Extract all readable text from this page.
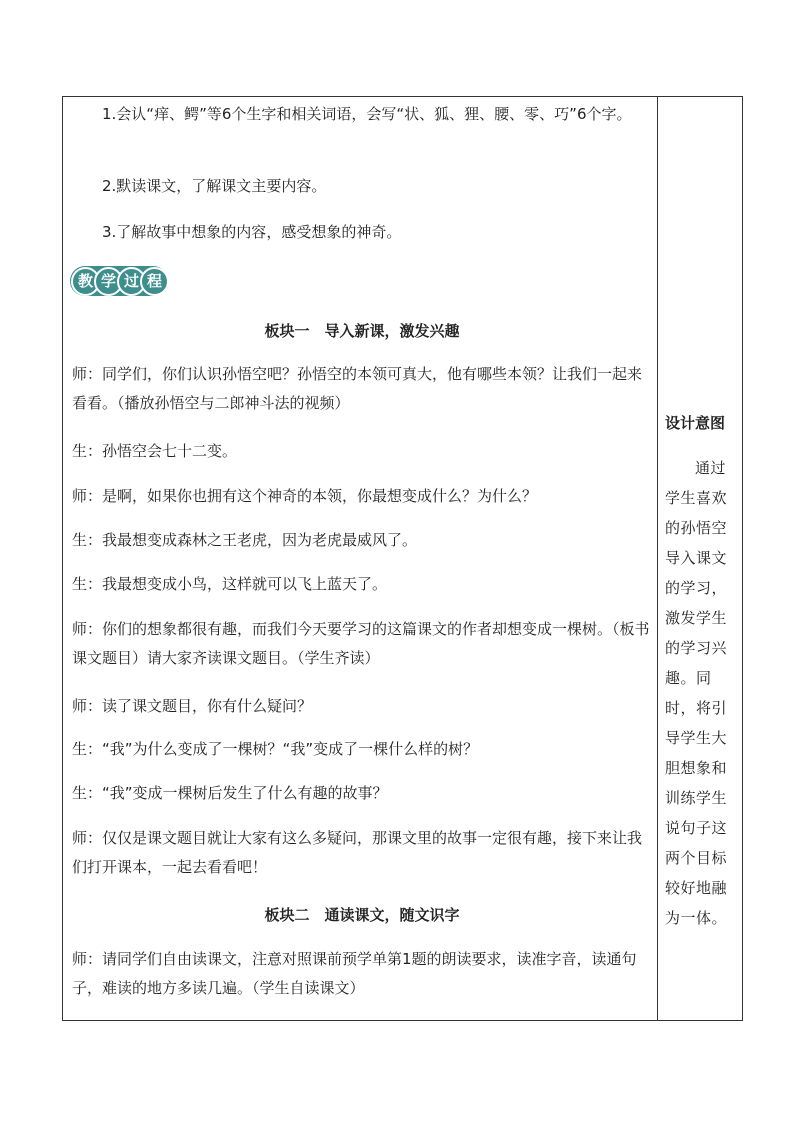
1.会认“痒、鳄”等6个生字和相关词语，会写“状、狐、狸、腰、零、巧”6个字。

2.默读课文，了解课文主要内容。

3.了解故事中想象的内容，感受想象的神奇。

教 学 过 程

板块一　导入新课，激发兴趣

师：同学们，你们认识孙悟空吧？孙悟空的本领可真大，他有哪些本领？让我们一起来看看。（播放孙悟空与二郎神斗法的视频）

生：孙悟空会七十二变。

师：是啊，如果你也拥有这个神奇的本领，你最想变成什么？为什么？

生：我最想变成森林之王老虎，因为老虎最威风了。

生：我最想变成小鸟，这样就可以飞上蓝天了。

师：你们的想象都很有趣，而我们今天要学习的这篇课文的作者却想变成一棵树。（板书课文题目）请大家齐读课文题目。（学生齐读）

师：读了课文题目，你有什么疑问？

生：“我”为什么变成了一棵树？“我”变成了一棵什么样的树？

生：“我”变成一棵树后发生了什么有趣的故事？

师：仅仅是课文题目就让大家有这么多疑问，那课文里的故事一定很有趣，接下来让我们打开课本，一起去看看吧！

板块二　通读课文，随文识字

师：请同学们自由读课文，注意对照课前预学单第1题的朗读要求，读准字音，读通句子，难读的地方多读几遍。（学生自读课文）

设计意图

通过学生喜欢的孙悟空导入课文的学习，激发学生的学习兴趣。同时，将引导学生大胆想象和训练学生说句子这两个目标较好地融为一体。
